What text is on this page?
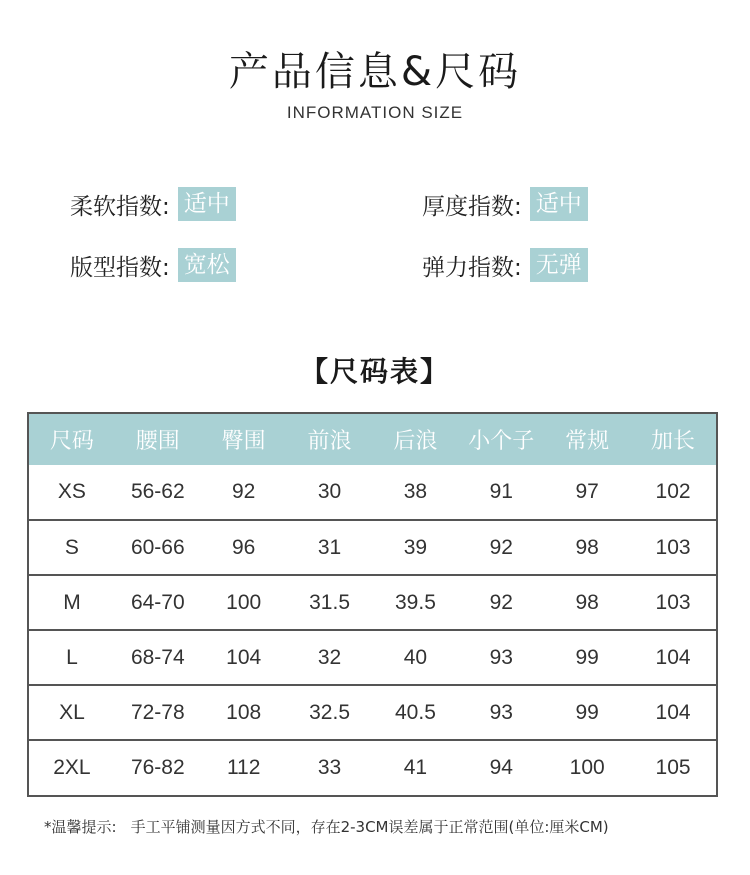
产品信息&尺码
INFORMATION SIZE
柔软指数: 适中	厚度指数: 适中
版型指数: 宽松	弹力指数: 无弹
【尺码表】
尺码	腰围	臀围	前浪	后浪	小个子	常规	加长
XS	56-62	92	30	38	91	97	102
S	60-66	96	31	39	92	98	103
M	64-70	100	31.5	39.5	92	98	103
L	68-74	104	32	40	93	99	104
XL	72-78	108	32.5	40.5	93	99	104
2XL	76-82	112	33	41	94	100	105
*温馨提示: 手工平铺测量因方式不同，存在2-3CM误差属于正常范围(单位:厘米CM)
